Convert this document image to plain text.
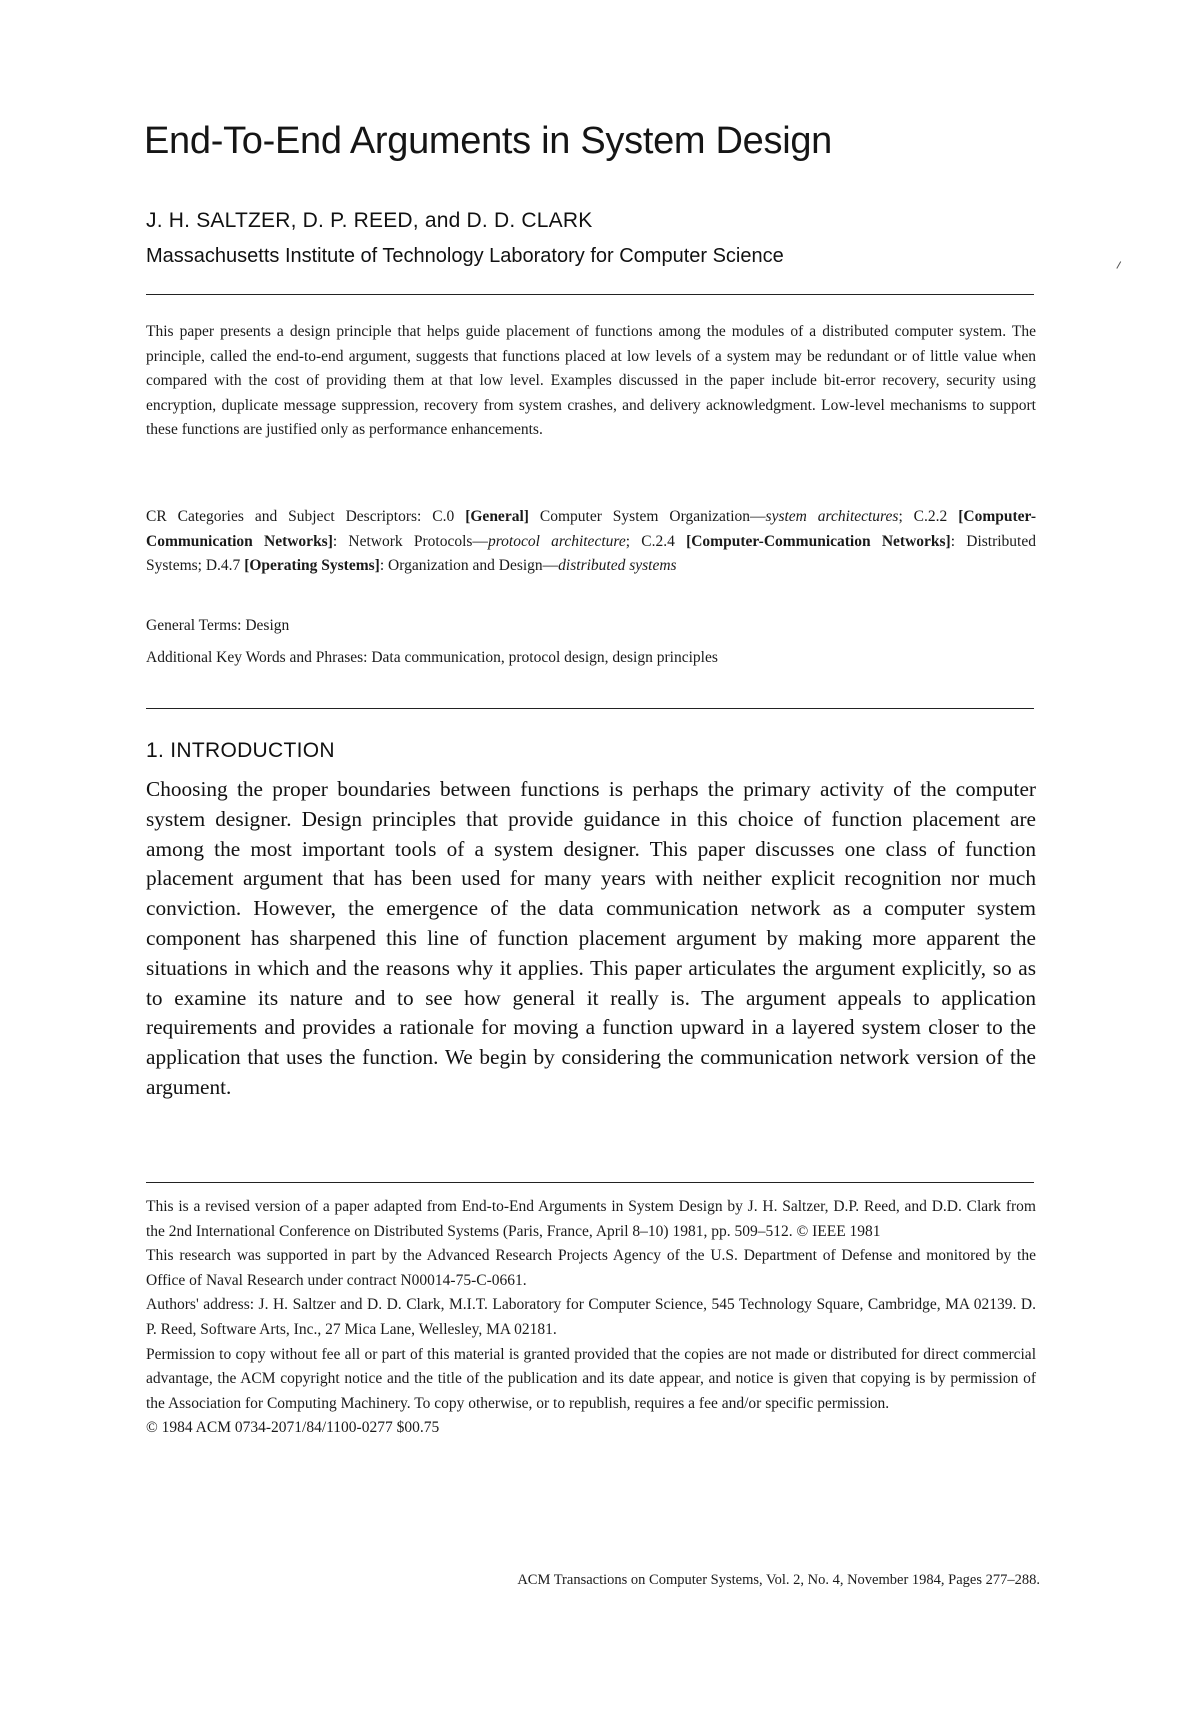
End-To-End Arguments in System Design
J. H. SALTZER, D. P. REED, and D. D. CLARK
Massachusetts Institute of Technology Laboratory for Computer Science

This paper presents a design principle that helps guide placement of functions among the modules of a distributed computer system. The principle, called the end-to-end argument, suggests that functions placed at low levels of a system may be redundant or of little value when compared with the cost of providing them at that low level. Examples discussed in the paper include bit-error recovery, security using encryption, duplicate message suppression, recovery from system crashes, and delivery acknowledgment. Low-level mechanisms to support these functions are justified only as performance enhancements.

CR Categories and Subject Descriptors: C.0 [General] Computer System Organization—system architectures; C.2.2 [Computer-Communication Networks]: Network Protocols—protocol architecture; C.2.4 [Computer-Communication Networks]: Distributed Systems; D.4.7 [Operating Systems]: Organization and Design—distributed systems

General Terms: Design
Additional Key Words and Phrases: Data communication, protocol design, design principles
1. INTRODUCTION

Choosing the proper boundaries between functions is perhaps the primary activity of the computer system designer. Design principles that provide guidance in this choice of function placement are among the most important tools of a system designer. This paper discusses one class of function placement argument that has been used for many years with neither explicit recognition nor much conviction. However, the emergence of the data communication network as a computer system component has sharpened this line of function placement argument by making more apparent the situations in which and the reasons why it applies. This paper articulates the argument explicitly, so as to examine its nature and to see how general it really is. The argument appeals to application requirements and provides a rationale for moving a function upward in a layered system closer to the application that uses the function. We begin by considering the communication network version of the argument.

This is a revised version of a paper adapted from End-to-End Arguments in System Design by J. H. Saltzer, D.P. Reed, and D.D. Clark from the 2nd International Conference on Distributed Systems (Paris, France, April 8–10) 1981, pp. 509–512. © IEEE 1981

This research was supported in part by the Advanced Research Projects Agency of the U.S. Department of Defense and monitored by the Office of Naval Research under contract N00014-75-C-0661.

Authors' address: J. H. Saltzer and D. D. Clark, M.I.T. Laboratory for Computer Science, 545 Technology Square, Cambridge, MA 02139. D. P. Reed, Software Arts, Inc., 27 Mica Lane, Wellesley, MA 02181.

Permission to copy without fee all or part of this material is granted provided that the copies are not made or distributed for direct commercial advantage, the ACM copyright notice and the title of the publication and its date appear, and notice is given that copying is by permission of the Association for Computing Machinery. To copy otherwise, or to republish, requires a fee and/or specific permission.

© 1984 ACM 0734-2071/84/1100-0277 $00.75

ACM Transactions on Computer Systems, Vol. 2, No. 4, November 1984, Pages 277–288.
